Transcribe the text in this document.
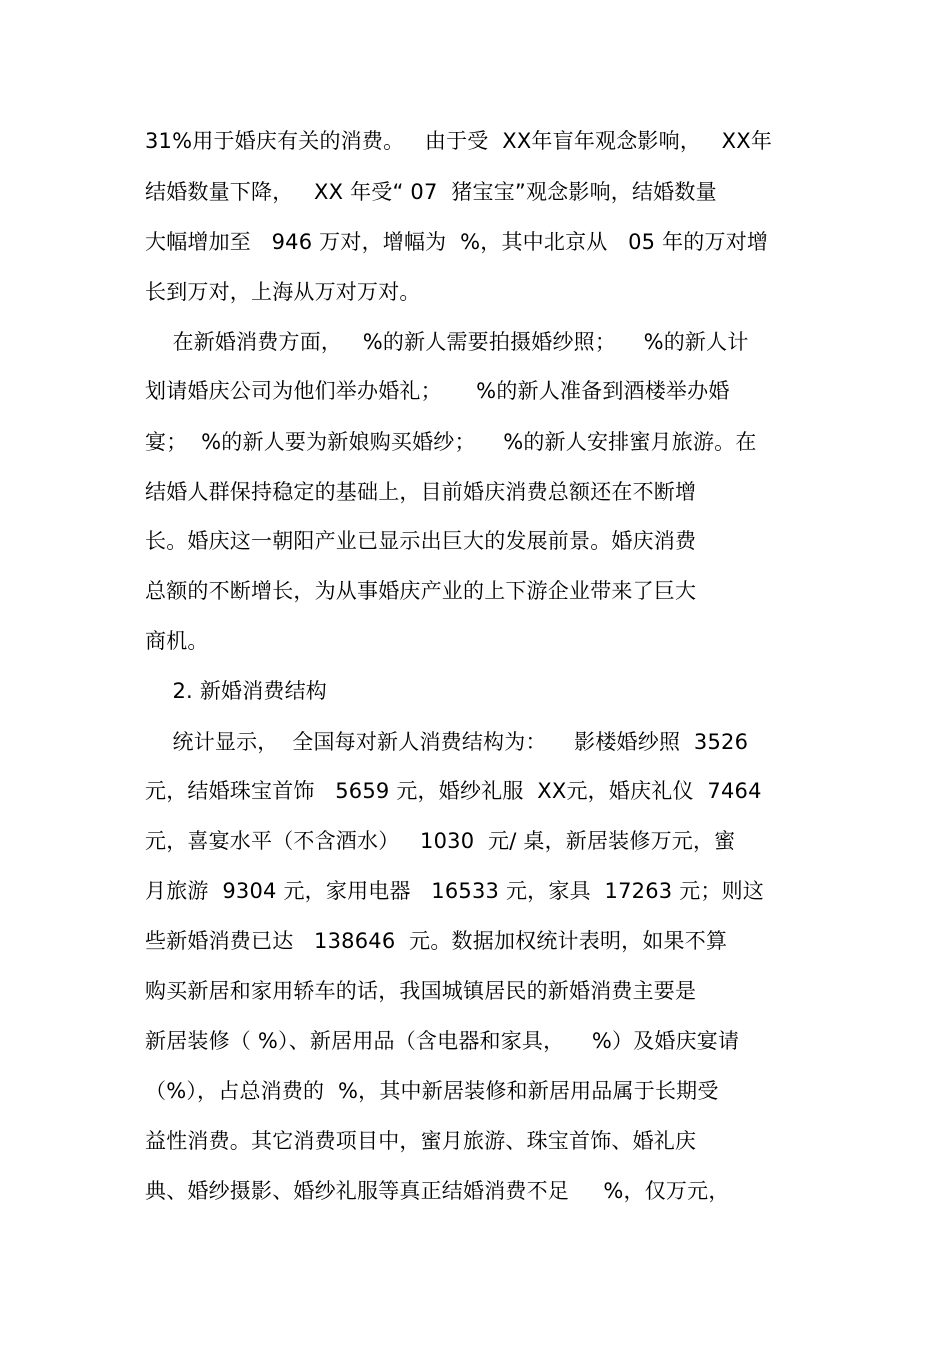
31%用于婚庆有关的消费。   由于受  XX年盲年观念影响，   XX年
结婚数量下降，   XX 年受“ 07  猪宝宝”观念影响，结婚数量
大幅增加至   946 万对，增幅为  %，其中北京从   05 年的万对增
长到万对，上海从万对万对。
在新婚消费方面，   %的新人需要拍摄婚纱照；    %的新人计
划请婚庆公司为他们举办婚礼；     %的新人准备到酒楼举办婚
宴；  %的新人要为新娘购买婚纱；    %的新人安排蜜月旅游。在
结婚人群保持稳定的基础上，目前婚庆消费总额还在不断增
长。婚庆这一朝阳产业已显示出巨大的发展前景。婚庆消费
总额的不断增长，为从事婚庆产业的上下游企业带来了巨大
商机。
2. 新婚消费结构
统计显示，  全国每对新人消费结构为：    影楼婚纱照  3526
元，结婚珠宝首饰   5659 元，婚纱礼服  XX元，婚庆礼仪  7464
元，喜宴水平（不含酒水）   1030  元/ 桌，新居装修万元，蜜
月旅游  9304 元，家用电器   16533 元，家具  17263 元；则这
些新婚消费已达   138646  元。数据加权统计表明，如果不算
购买新居和家用轿车的话，我国城镇居民的新婚消费主要是
新居装修（ %）、新居用品（含电器和家具，    %）及婚庆宴请
（%），占总消费的  %，其中新居装修和新居用品属于长期受
益性消费。其它消费项目中，蜜月旅游、珠宝首饰、婚礼庆
典、婚纱摄影、婚纱礼服等真正结婚消费不足     %，仅万元，
